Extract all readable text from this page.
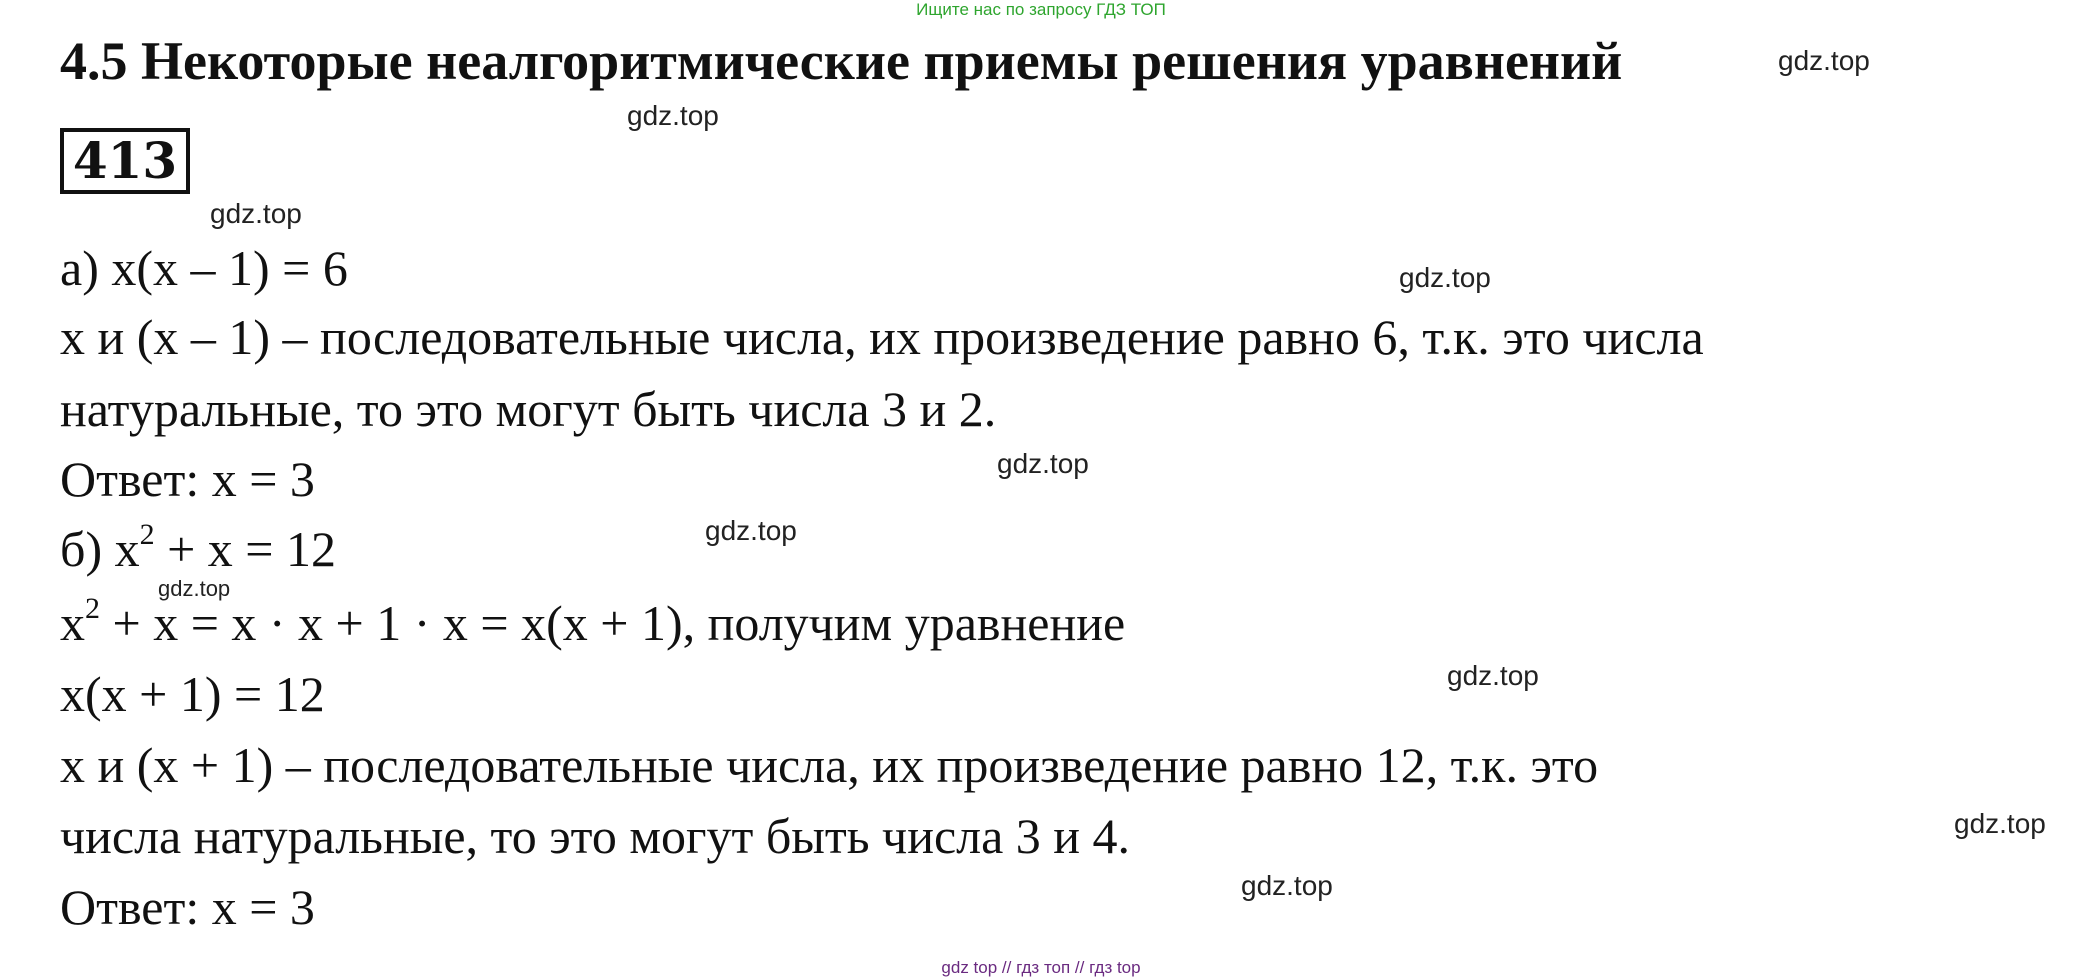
Ищите нас по запросу ГДЗ ТОП
4.5 Некоторые неалгоритмические приемы решения уравнений
413
а) x(x – 1) = 6
x и (x – 1) – последовательные числа, их произведение равно 6, т.к. это числа
натуральные, то это могут быть числа 3 и 2.
Ответ: x = 3
б) $x^2 + x = 12$
$x^2 + x = x \cdot x + 1 \cdot x = x(x + 1)$, получим уравнение
x(x + 1) = 12
x и (x + 1) – последовательные числа, их произведение равно 12, т.к. это
числа натуральные, то это могут быть числа 3 и 4.
Ответ: x = 3
gdz.top
gdz.top
gdz.top
gdz.top
gdz.top
gdz.top
gdz.top
gdz.top
gdz.top
gdz.top
gdz top // гдз топ // гдз top
